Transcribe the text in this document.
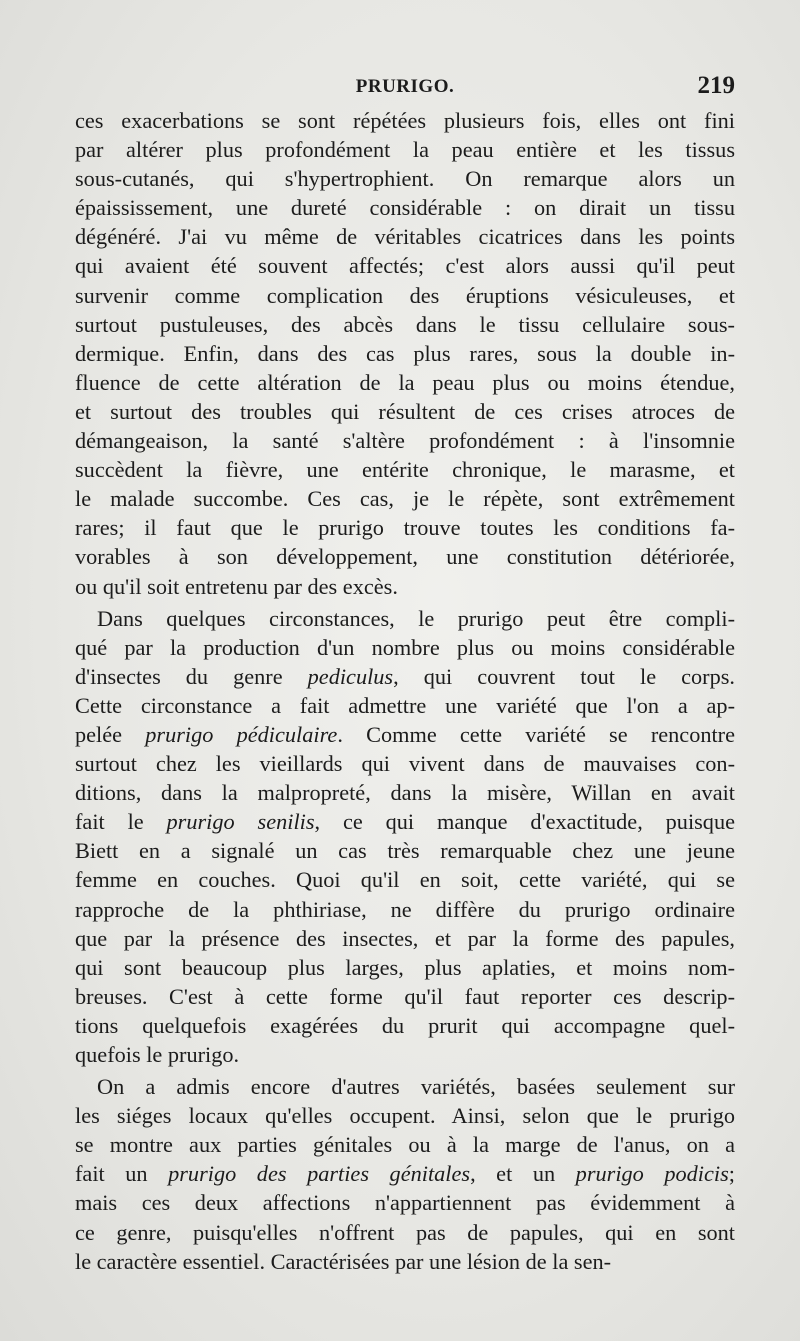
PRURIGO.	219
ces exacerbations se sont répétées plusieurs fois, elles ont fini
par altérer plus profondément la peau entière et les tissus
sous-cutanés, qui s'hypertrophient. On remarque alors un
épaississement, une dureté considérable : on dirait un tissu
dégénéré. J'ai vu même de véritables cicatrices dans les points
qui avaient été souvent affectés; c'est alors aussi qu'il peut
survenir comme complication des éruptions vésiculeuses, et
surtout pustuleuses, des abcès dans le tissu cellulaire sous-
dermique. Enfin, dans des cas plus rares, sous la double in-
fluence de cette altération de la peau plus ou moins étendue,
et surtout des troubles qui résultent de ces crises atroces de
démangeaison, la santé s'altère profondément : à l'insomnie
succèdent la fièvre, une entérite chronique, le marasme, et
le malade succombe. Ces cas, je le répète, sont extrêmement
rares; il faut que le prurigo trouve toutes les conditions fa-
vorables à son développement, une constitution détériorée,
ou qu'il soit entretenu par des excès.
Dans quelques circonstances, le prurigo peut être compli-
qué par la production d'un nombre plus ou moins considérable
d'insectes du genre pediculus, qui couvrent tout le corps.
Cette circonstance a fait admettre une variété que l'on a ap-
pelée prurigo pédiculaire. Comme cette variété se rencontre
surtout chez les vieillards qui vivent dans de mauvaises con-
ditions, dans la malpropreté, dans la misère, Willan en avait
fait le prurigo senilis, ce qui manque d'exactitude, puisque
Biett en a signalé un cas très remarquable chez une jeune
femme en couches. Quoi qu'il en soit, cette variété, qui se
rapproche de la phthiriase, ne diffère du prurigo ordinaire
que par la présence des insectes, et par la forme des papules,
qui sont beaucoup plus larges, plus aplaties, et moins nom-
breuses. C'est à cette forme qu'il faut reporter ces descrip-
tions quelquefois exagérées du prurit qui accompagne quel-
quefois le prurigo.
On a admis encore d'autres variétés, basées seulement sur
les siéges locaux qu'elles occupent. Ainsi, selon que le prurigo
se montre aux parties génitales ou à la marge de l'anus, on a
fait un prurigo des parties génitales, et un prurigo podicis;
mais ces deux affections n'appartiennent pas évidemment à
ce genre, puisqu'elles n'offrent pas de papules, qui en sont
le caractère essentiel. Caractérisées par une lésion de la sen-
